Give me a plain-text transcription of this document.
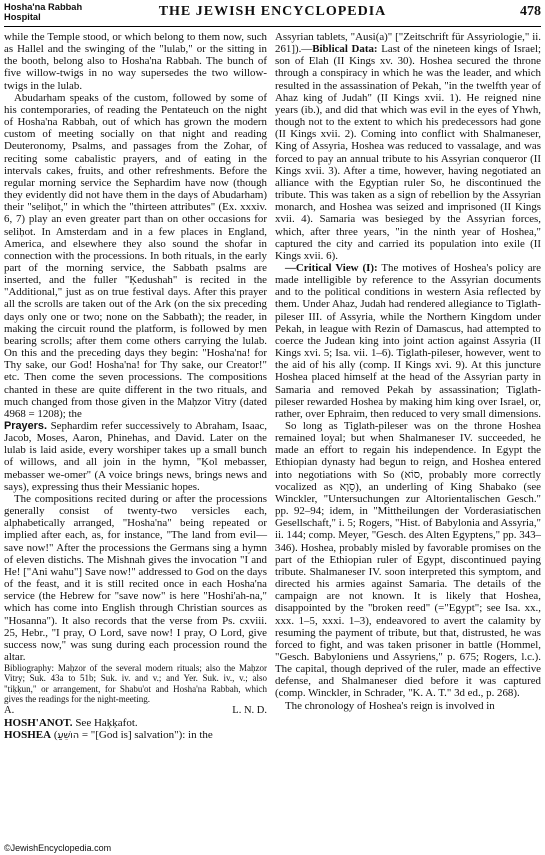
Hosha'na Rabbah
Hospital	THE JEWISH ENCYCLOPEDIA	478

while the Temple stood, or which belong to them now, such as Hallel and the swinging of the "lulab," or the sitting in the booth, belong also to Hosha'na Rabbah. The bunch of five willow-twigs in no way supersedes the two willow-twigs in the lulab.

Abudarham speaks of the custom, followed by some of his contemporaries, of reading the Pentateuch on the night of Hosha'na Rabbah, out of which has grown the modern custom of meeting socially on that night and reading Deuteronomy, Psalms, and passages from the Zohar, of reciting some cabalistic prayers, and of eating in the intervals cakes, fruits, and other refreshments. Before the regular morning service the Sephardim have now (though they evidently did not have them in the days of Abudarham) their "seliḥot," in which the "thirteen attributes" (Ex. xxxiv. 6, 7) play an even greater part than on other occasions for seliḥot. In Amsterdam and in a few places in England, America, and elsewhere they also sound the shofar in connection with the processions. In both rituals, in the early part of the morning service, the Sabbath psalms are inserted, and the fuller "Ḳedushah" is recited in the "Additional," just as on true festival days. After this prayer all the scrolls are taken out of the Ark (on the six preceding days only one or two; none on the Sabbath); the reader, in making the circuit round the platform, is followed by men bearing scrolls; after them come others carrying the lulab. On this and the preceding days they begin: "Hosha'na! for Thy sake, our God! Hosha'na! for Thy sake, our Creator!" etc. Then come the seven processions. The compositions chanted in these are quite different in the two rituals, and much changed from those given in the Maḥzor Vitry (dated 4968 = 1208); the

Prayers. Sephardim refer successively to Abraham, Isaac, Jacob, Moses, Aaron, Phinehas, and David. Later on the lulab is laid aside, every worshiper takes up a small bunch of willows, and all join in the hymn, "Ḳol mebasser, mebasser we-omer" (A voice brings news, brings news and says), expressing thus their Messianic hopes.

The compositions recited during or after the processions generally consist of twenty-two versicles each, alphabetically arranged, "Hosha'na" being repeated or implied after each, as, for instance, "The land from evil—save now!" After the processions the Germans sing a hymn of eleven distichs. The Mishnah gives the invocation "I and He! ["Ani wahu"] Save now!" addressed to God on the days of the feast, and it is still recited once in each Hosha'na service (the Hebrew for "save now" is here "Hoshi'ah-na," which has come into English through Christian sources as "Hosanna"). It also records that the verse from Ps. cxviii. 25, Hebr., "I pray, O Lord, save now! I pray, O Lord, give success now," was sung during each procession round the altar.

Bibliography: Maḥzor of the several modern rituals; also the Maḥzor Vitry; Suk. 43a to 51b; Suk. iv. and v.; and Yer. Suk. iv., v.; also "tiḳḳun," or arrangement, for Shabu'ot and Hosha'na Rabbah, which gives the readings for the night-meeting.

A.	L. N. D.

HOSH'ANOT. See Haḳḳafot.

HOSHEA (הוֹשֵׁעַ = "[God is] salvation"): in the

Assyrian tablets, "Ausi(a)" ["Zeitschrift für Assyriologie," ii. 261]).—Biblical Data: Last of the nineteen kings of Israel; son of Elah (II Kings xv. 30). Hoshea secured the throne through a conspiracy in which he was the leader, and which resulted in the assassination of Pekah, "in the twelfth year of Ahaz king of Judah" (II Kings xvii. 1). He reigned nine years (ib.), and did that which was evil in the eyes of Yhwh, though not to the extent to which his predecessors had gone (II Kings xvii. 2). Coming into conflict with Shalmaneser, King of Assyria, Hoshea was reduced to vassalage, and was forced to pay an annual tribute to his Assyrian conqueror (II Kings xvii. 3). After a time, however, having negotiated an alliance with the Egyptian ruler So, he discontinued the tribute. This was taken as a sign of rebellion by the Assyrian monarch, and Hoshea was seized and imprisoned (II Kings xvii. 4). Samaria was besieged by the Assyrian forces, which, after three years, "in the ninth year of Hoshea," captured the city and carried its population into exile (II Kings xvii. 6).

—Critical View (I): The motives of Hoshea's policy are made intelligible by reference to the Assyrian documents and to the political conditions in western Asia reflected by them. Under Ahaz, Judah had rendered allegiance to Tiglath-pileser III. of Assyria, while the Northern Kingdom under Pekah, in league with Rezin of Damascus, had attempted to coerce the Judean king into joint action against Assyria (II Kings xvi. 5; Isa. vii. 1–6). Tiglath-pileser, however, went to the aid of his ally (comp. II Kings xvi. 9). At this juncture Hoshea placed himself at the head of the Assyrian party in Samaria and removed Pekah by assassination; Tiglath-pileser rewarded Hoshea by making him king over Israel, or, rather, over Ephraim, then reduced to very small dimensions.

So long as Tiglath-pileser was on the throne Hoshea remained loyal; but when Shalmaneser IV. succeeded, he made an effort to regain his independence. In Egypt the Ethiopian dynasty had begun to reign, and Hoshea entered into negotiations with So (סוֹא, probably more correctly vocalized as סֵוֶא), an underling of King Shabako (see Winckler, "Untersuchungen zur Altorientalischen Gesch." pp. 92–94; idem, in "Mittheilungen der Vorderasiatischen Gesellschaft," i. 5; Rogers, "Hist. of Babylonia and Assyria," ii. 144; comp. Meyer, "Gesch. des Alten Egyptens," pp. 343–346). Hoshea, probably misled by favorable promises on the part of the Ethiopian ruler of Egypt, discontinued paying tribute. Shalmaneser IV. soon interpreted this symptom, and directed his armies against Samaria. The details of the campaign are not known. It is likely that Hoshea, disappointed by the "broken reed" (="Egypt"; see Isa. xx., xxx. 1–5, xxxi. 1–3), endeavored to avert the calamity by resuming the payment of tribute, but that, distrusted, he was forced to fight, and was taken prisoner in battle (Hommel, "Gesch. Babyloniens und Assyriens," p. 675; Rogers, l.c.). The capital, though deprived of the ruler, made an effective defense, and Shalmaneser died before it was captured (comp. Winckler, in Schrader, "K. A. T." 3d ed., p. 268).

The chronology of Hoshea's reign is involved in

©JewishEncyclopedia.com
